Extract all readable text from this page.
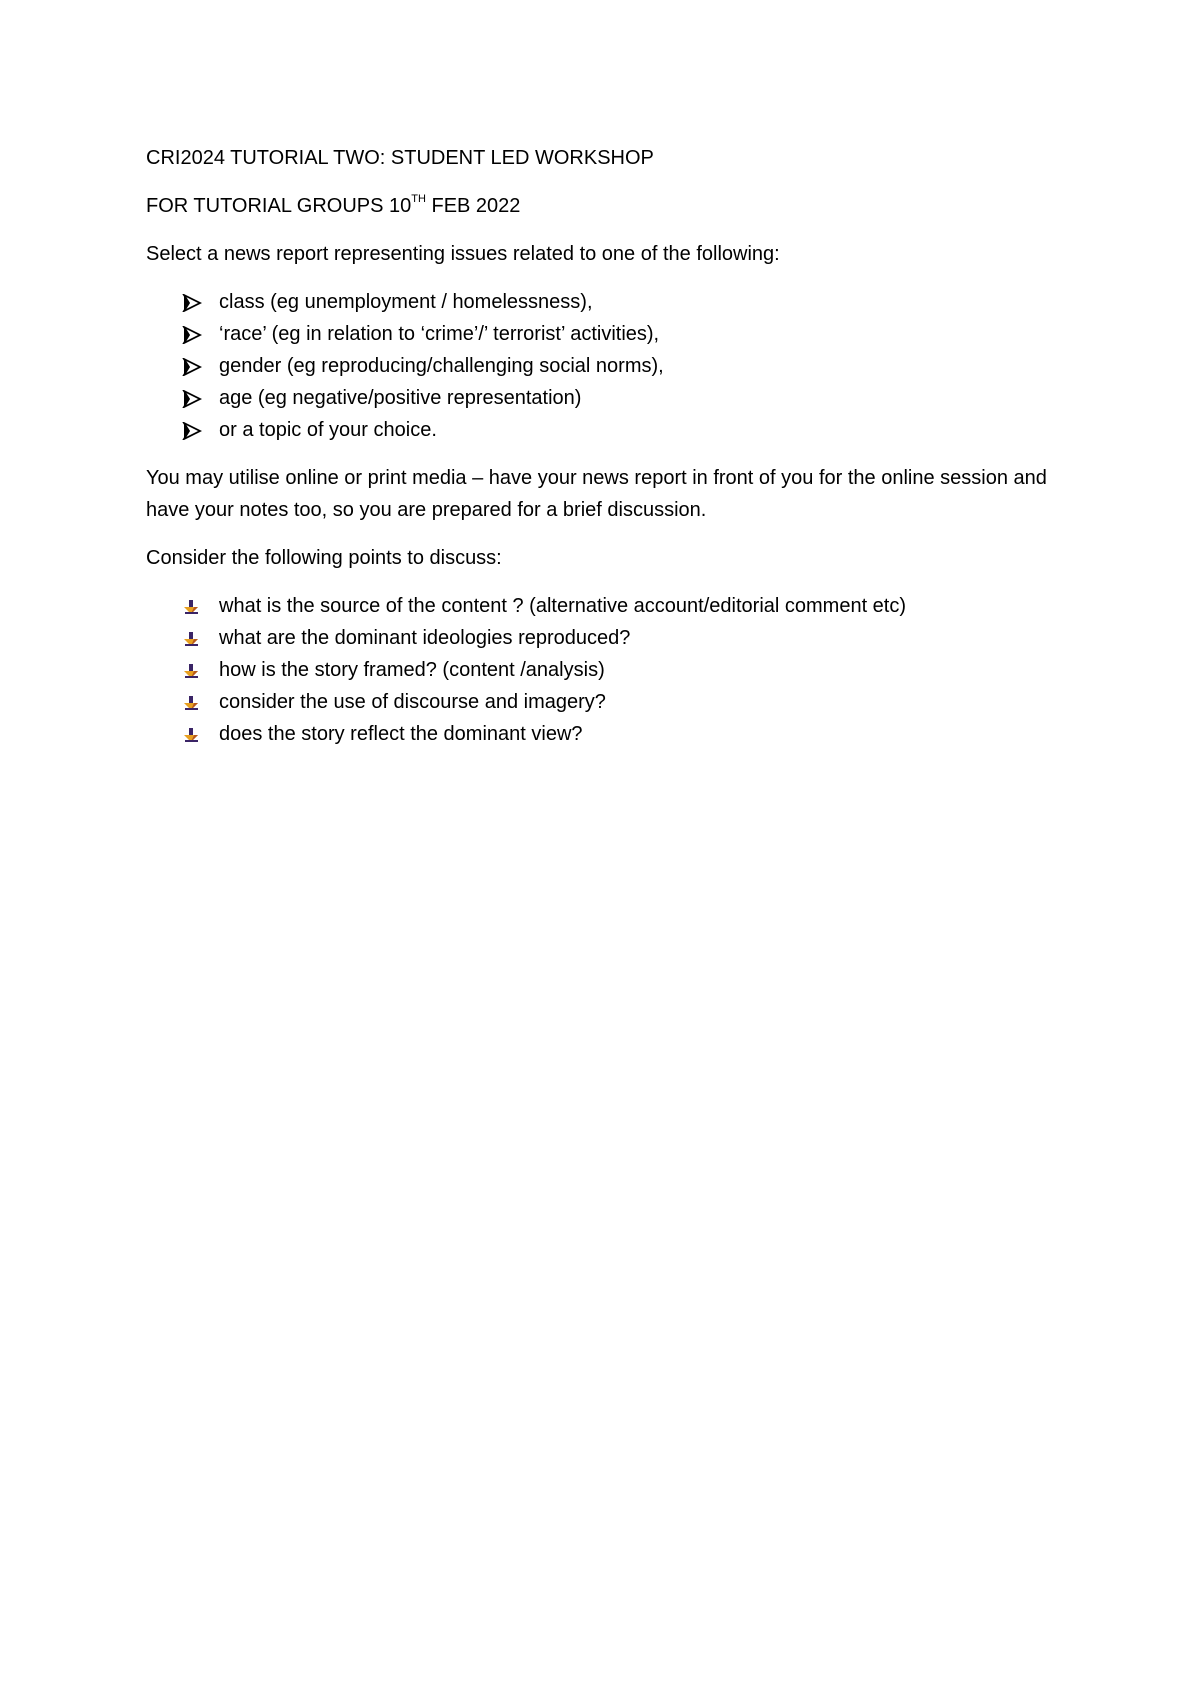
CRI2024 TUTORIAL TWO: STUDENT LED WORKSHOP

FOR TUTORIAL GROUPS 10TH FEB 2022

Select a news report representing issues related to one of the following:

class (eg unemployment / homelessness),
‘race’ (eg in relation to ‘crime’/’ terrorist’ activities),
gender (eg reproducing/challenging social norms),
age (eg negative/positive representation)
or a topic of your choice.

You may utilise online or print media – have your news report in front of you for the online session and have your notes too, so you are prepared for a brief discussion.

Consider the following points to discuss:

what is the source of the content ? (alternative account/editorial comment etc)
what are the dominant ideologies reproduced?
how is the story framed? (content /analysis)
consider the use of discourse and imagery?
does the story reflect the dominant view?
